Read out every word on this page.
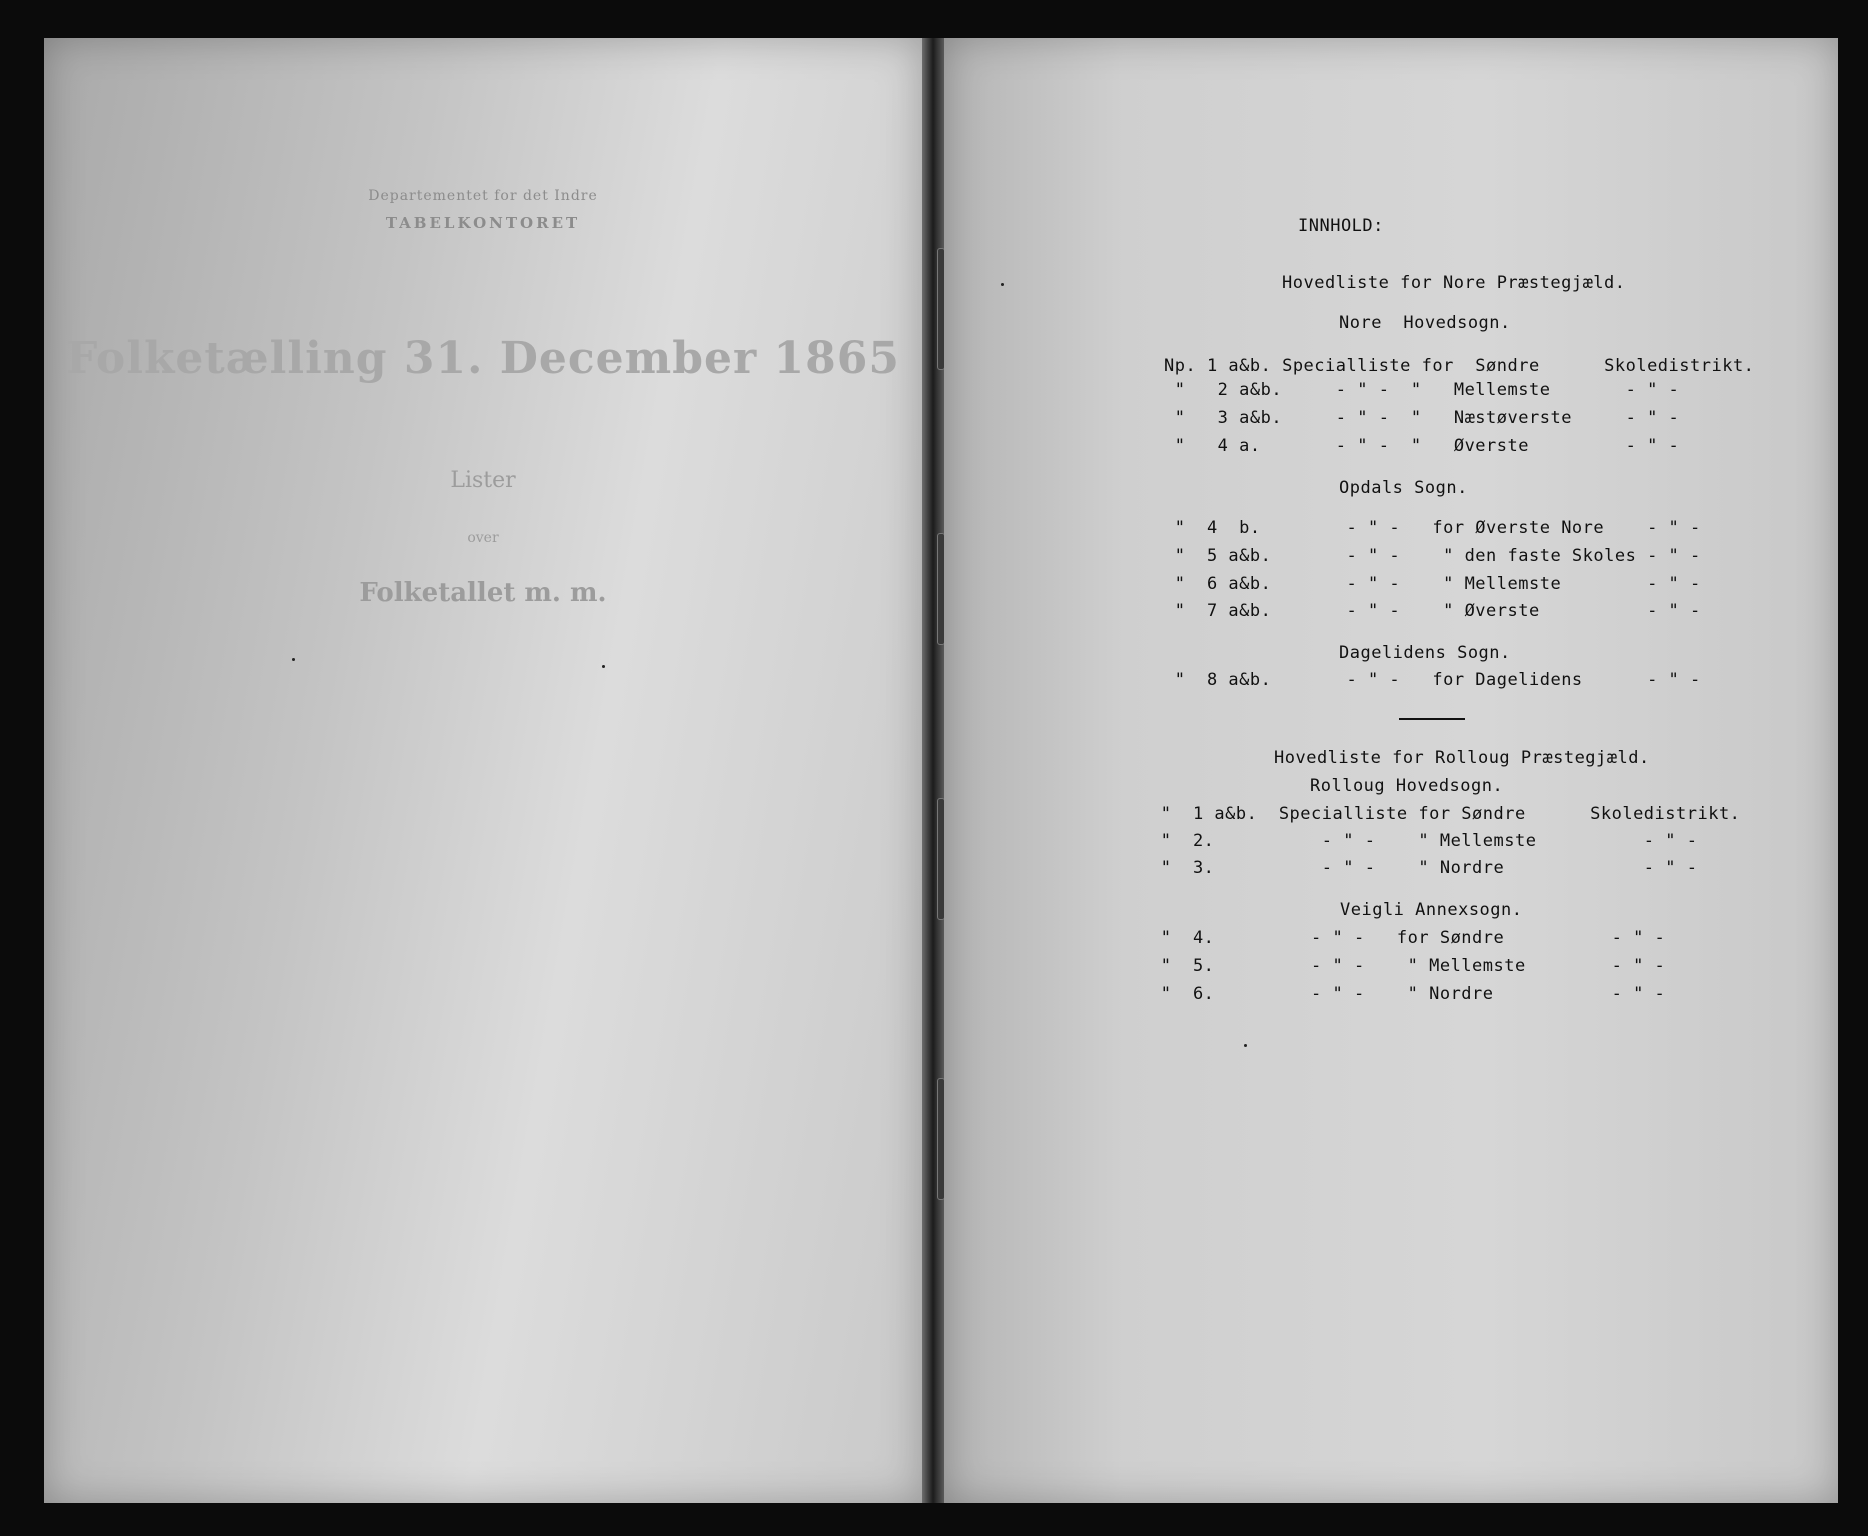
Departementet for det Indre
TABELKONTORET
Folketælling 31. December 1865
Lister
over
Folketallet m. m.
INNHOLD:
Hovedliste for Nore Præstegjæld.
Nore  Hovedsogn.
Np. 1 a&b. Specialliste for  Søndre      Skoledistrikt.
"   2 a&b.     - " -  "   Mellemste       - " -
"   3 a&b.     - " -  "   Næstøverste     - " -
"   4 a.       - " -  "   Øverste         - " -
Opdals Sogn.
"  4  b.        - " -   for Øverste Nore    - " -
"  5 a&b.       - " -    " den faste Skoles - " -
"  6 a&b.       - " -    " Mellemste        - " -
"  7 a&b.       - " -    " Øverste          - " -
Dagelidens Sogn.
"  8 a&b.       - " -   for Dagelidens      - " -
Hovedliste for Rolloug Præstegjæld.
Rolloug Hovedsogn.
"  1 a&b.  Specialliste for Søndre      Skoledistrikt.
"  2.          - " -    " Mellemste          - " -
"  3.          - " -    " Nordre             - " -
Veigli Annexsogn.
"  4.         - " -   for Søndre          - " -
"  5.         - " -    " Mellemste        - " -
"  6.         - " -    " Nordre           - " -
